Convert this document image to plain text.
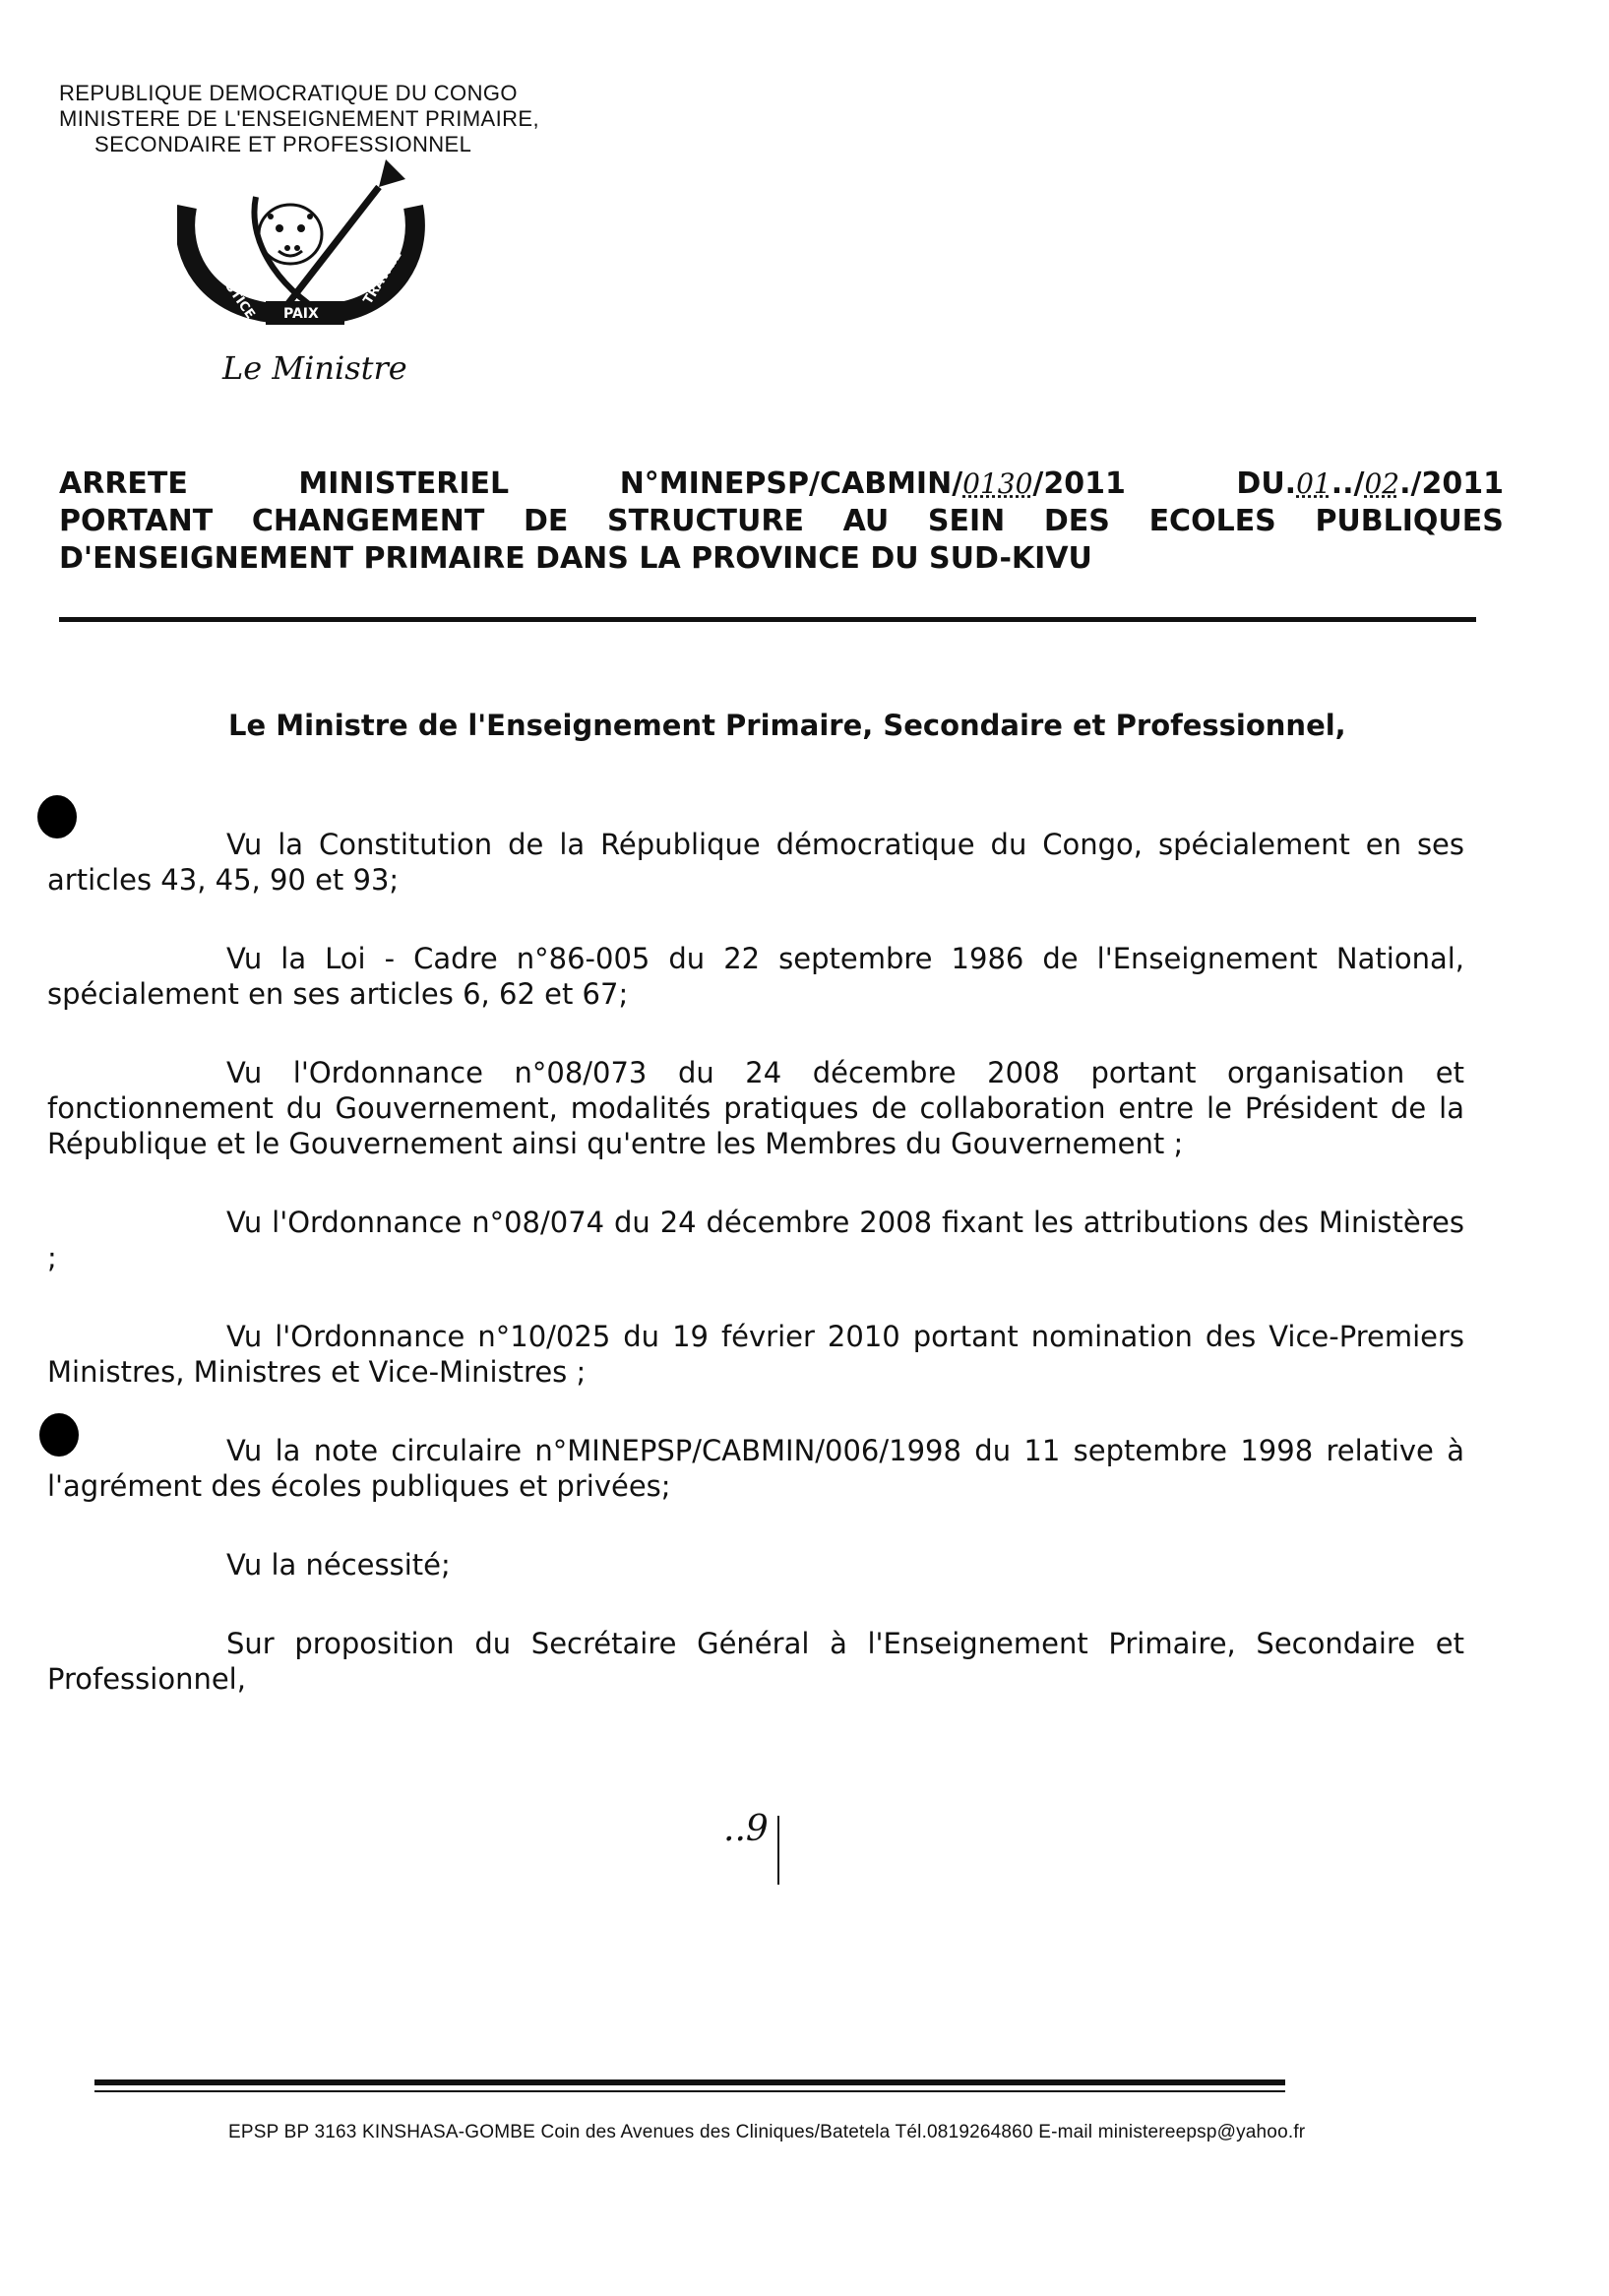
REPUBLIQUE DEMOCRATIQUE DU CONGO
MINISTERE DE L'ENSEIGNEMENT PRIMAIRE,
SECONDAIRE ET PROFESSIONNEL
JUSTICE PAIX
TRAVAIL
Le Ministre
ARRETE	MINISTERIEL	N°MINEPSP/CABMIN/0130/2011	DU.01../02./2011
PORTANT CHANGEMENT DE STRUCTURE AU SEIN DES ECOLES PUBLIQUES
D'ENSEIGNEMENT PRIMAIRE DANS LA PROVINCE DU SUD-KIVU
Le Ministre de l'Enseignement Primaire, Secondaire et Professionnel,

Vu la Constitution de la République démocratique du Congo, spécialement en ses articles 43, 45, 90 et 93;

Vu la Loi - Cadre n°86-005 du 22 septembre 1986 de l'Enseignement National, spécialement en ses articles 6, 62 et 67;

Vu l'Ordonnance n°08/073 du 24 décembre 2008 portant organisation et fonctionnement du Gouvernement, modalités pratiques de collaboration entre le Président de la République et le Gouvernement ainsi qu'entre les Membres du Gouvernement ;

Vu l'Ordonnance n°08/074 du 24 décembre 2008 fixant les attributions des Ministères ;

Vu l'Ordonnance n°10/025 du 19 février 2010 portant nomination des Vice-Premiers Ministres, Ministres et Vice-Ministres ;

Vu la note circulaire n°MINEPSP/CABMIN/006/1998 du 11 septembre 1998 relative à l'agrément des écoles publiques et privées;

Vu la nécessité;

Sur proposition du Secrétaire Général à l'Enseignement Primaire, Secondaire et Professionnel,

..9
EPSP BP 3163 KINSHASA-GOMBE Coin des Avenues des Cliniques/Batetela Tél.0819264860 E-mail ministereepsp@yahoo.fr
